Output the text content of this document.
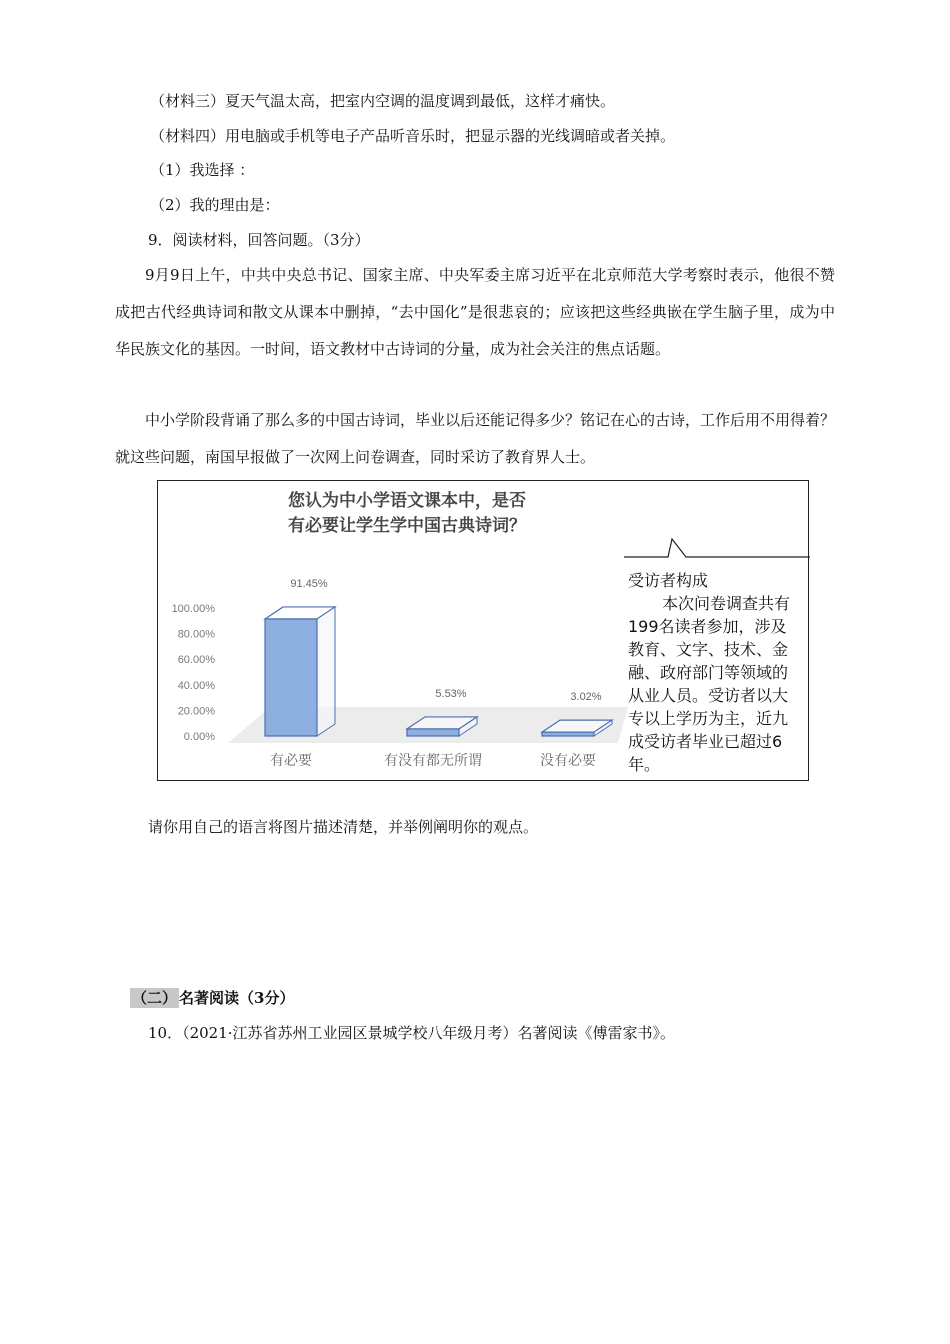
（材料三）夏天气温太高，把室内空调的温度调到最低，这样才痛快。
（材料四）用电脑或手机等电子产品听音乐时，把显示器的光线调暗或者关掉。
（1）我选择 ：
（2）我的理由是：
9．阅读材料，回答问题。（3分）
9月9日上午，中共中央总书记、国家主席、中央军委主席习近平在北京师范大学考察时表示，他很不赞成把古代经典诗词和散文从课本中删掉，“去中国化”是很悲哀的；应该把这些经典嵌在学生脑子里，成为中华民族文化的基因。一时间，语文教材中古诗词的分量，成为社会关注的焦点话题。
中小学阶段背诵了那么多的中国古诗词，毕业以后还能记得多少？铭记在心的古诗，工作后用不用得着？就这些问题，南国早报做了一次网上问卷调查，同时采访了教育界人士。
您认为中小学语文课本中，是否
有必要让学生学中国古典诗词？
0.00%
20.00%
40.00%
60.00%
80.00%
100.00%
91.45%
有必要
5.53%
有没有都无所谓
3.02%
没有必要
受访者构成
本次问卷调查共有199名读者参加，涉及教育、文字、技术、金融、政府部门等领域的从业人员。受访者以大专以上学历为主，近九成受访者毕业已超过6年。
请你用自己的语言将图片描述清楚，并举例阐明你的观点。
（二） 名著阅读（3分）
10．（2021·江苏省苏州工业园区景城学校八年级月考）名著阅读《傅雷家书》。
